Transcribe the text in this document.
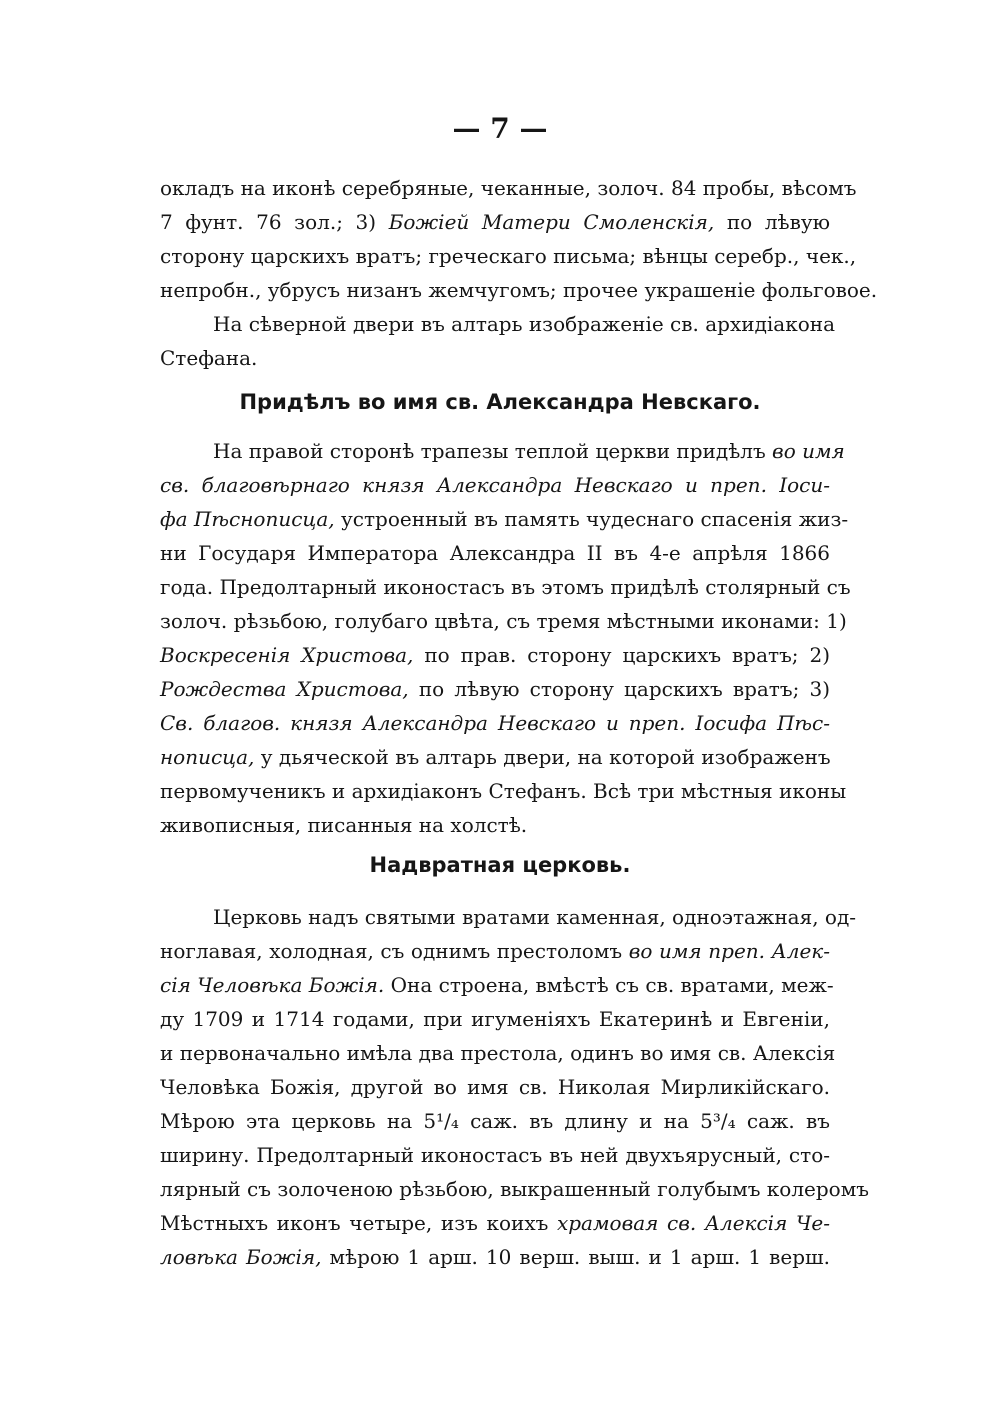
— 7 —
окладъ на иконѣ серебряные, чеканные, золоч. 84 пробы, вѣсомъ
7 фунт. 76 зол.; 3) Божіей Матери Смоленскія, по лѣвую
сторону царскихъ вратъ; греческаго письма; вѣнцы серебр., чек.,
непробн., убрусъ низанъ жемчугомъ; прочее украшеніе фольговое.
На сѣверной двери въ алтарь изображеніе св. архидіакона
Стефана.
Придѣлъ во имя св. Александра Невскаго.
На правой сторонѣ трапезы теплой церкви придѣлъ во имя
св. благовѣрнаго князя Александра Невскаго и преп. Іоси-
фа Пѣснописца, устроенный въ память чудеснаго спасенія жиз-
ни Государя Императора Александра II въ 4-е апрѣля 1866
года. Предолтарный иконостасъ въ этомъ придѣлѣ столярный съ
золоч. рѣзьбою, голубаго цвѣта, съ тремя мѣстными иконами: 1)
Воскресенія Христова, по прав. сторону царскихъ вратъ; 2)
Рождества Христова, по лѣвую сторону царскихъ вратъ; 3)
Св. благов. князя Александра Невскаго и преп. Іосифа Пѣс-
нописца, у дьяческой въ алтарь двери, на которой изображенъ
первомученикъ и архидіаконъ Стефанъ. Всѣ три мѣстныя иконы
живописныя, писанныя на холстѣ.
Надвратная церковь.
Церковь надъ святыми вратами каменная, одноэтажная, од-
ноглавая, холодная, съ однимъ престоломъ во имя преп. Алек-
сія Человѣка Божія. Она строена, вмѣстѣ съ св. вратами, меж-
ду 1709 и 1714 годами, при игуменіяхъ Екатеринѣ и Евгеніи,
и первоначально имѣла два престола, одинъ во имя св. Алексія
Человѣка Божія, другой во имя св. Николая Мирликійскаго.
Мѣрою эта церковь на 5¹/₄ саж. въ длину и на 5³/₄ саж. въ
ширину. Предолтарный иконостасъ въ ней двухъярусный, сто-
лярный съ золоченою рѣзьбою, выкрашенный голубымъ колеромъ
Мѣстныхъ иконъ четыре, изъ коихъ храмовая св. Алексія Че-
ловѣка Божія, мѣрою 1 арш. 10 верш. выш. и 1 арш. 1 верш.
